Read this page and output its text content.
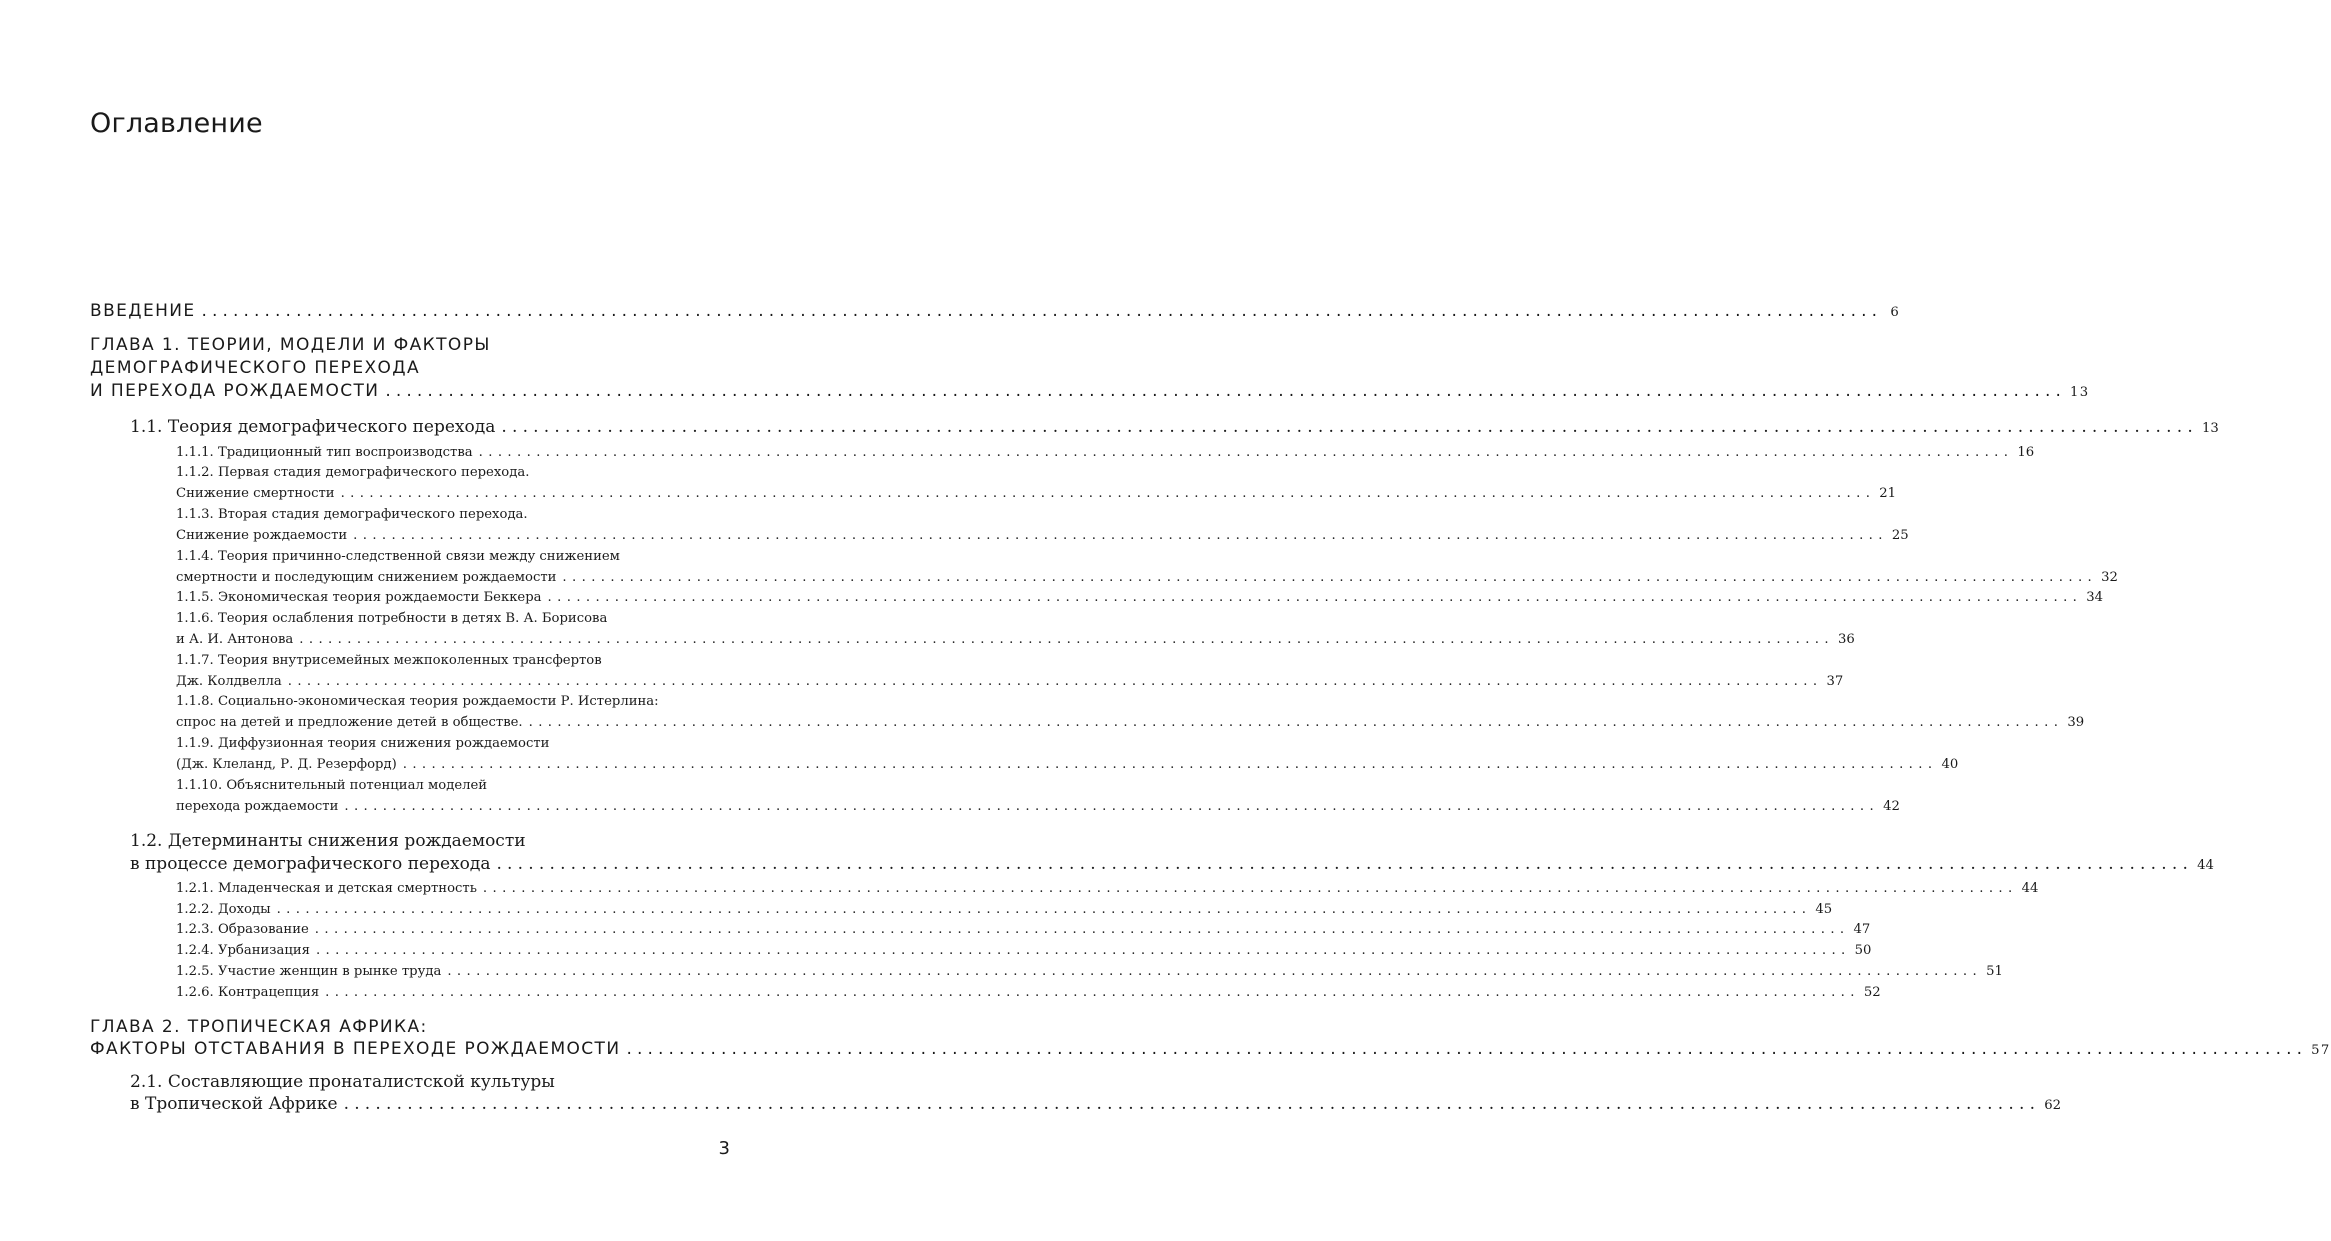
Оглавление
ВВЕДЕНИЕ ................................................................................................................................................................ 6
ГЛАВА 1. ТЕОРИИ, МОДЕЛИ И ФАКТОРЫ
ДЕМОГРАФИЧЕСКОГО ПЕРЕХОДА
И ПЕРЕХОДА РОЖДАЕМОСТИ ................................................................................................................................................................ 13
1.1. Теория демографического перехода ................................................................................................................................................................ 13
1.1.1. Традиционный тип воспроизводства ................................................................................................................................................................ 16
1.1.2. Первая стадия демографического перехода.
Снижение смертности ................................................................................................................................................................ 21
1.1.3. Вторая стадия демографического перехода.
Снижение рождаемости ................................................................................................................................................................ 25
1.1.4. Теория причинно-следственной связи между снижением
смертности и последующим снижением рождаемости ................................................................................................................................................................ 32
1.1.5. Экономическая теория рождаемости Беккера ................................................................................................................................................................ 34
1.1.6. Теория ослабления потребности в детях В. А. Борисова
и А. И. Антонова ................................................................................................................................................................ 36
1.1.7. Теория внутрисемейных межпоколенных трансфертов
Дж. Колдвелла ................................................................................................................................................................ 37
1.1.8. Социально-экономическая теория рождаемости Р. Истерлина:
спрос на детей и предложение детей в обществе. ................................................................................................................................................................ 39
1.1.9. Диффузионная теория снижения рождаемости
(Дж. Клеланд, Р. Д. Резерфорд) ................................................................................................................................................................ 40
1.1.10. Объяснительный потенциал моделей
перехода рождаемости ................................................................................................................................................................ 42
1.2. Детерминанты снижения рождаемости
в процессе демографического перехода ................................................................................................................................................................ 44
1.2.1. Младенческая и детская смертность ................................................................................................................................................................ 44
1.2.2. Доходы ................................................................................................................................................................ 45
1.2.3. Образование ................................................................................................................................................................ 47
1.2.4. Урбанизация ................................................................................................................................................................ 50
1.2.5. Участие женщин в рынке труда ................................................................................................................................................................ 51
1.2.6. Контрацепция ................................................................................................................................................................ 52
ГЛАВА 2. ТРОПИЧЕСКАЯ АФРИКА:
ФАКТОРЫ ОТСТАВАНИЯ В ПЕРЕХОДЕ РОЖДАЕМОСТИ ................................................................................................................................................................ 57
2.1. Составляющие пронаталистской культуры
в Тропической Африке ................................................................................................................................................................ 62
3
